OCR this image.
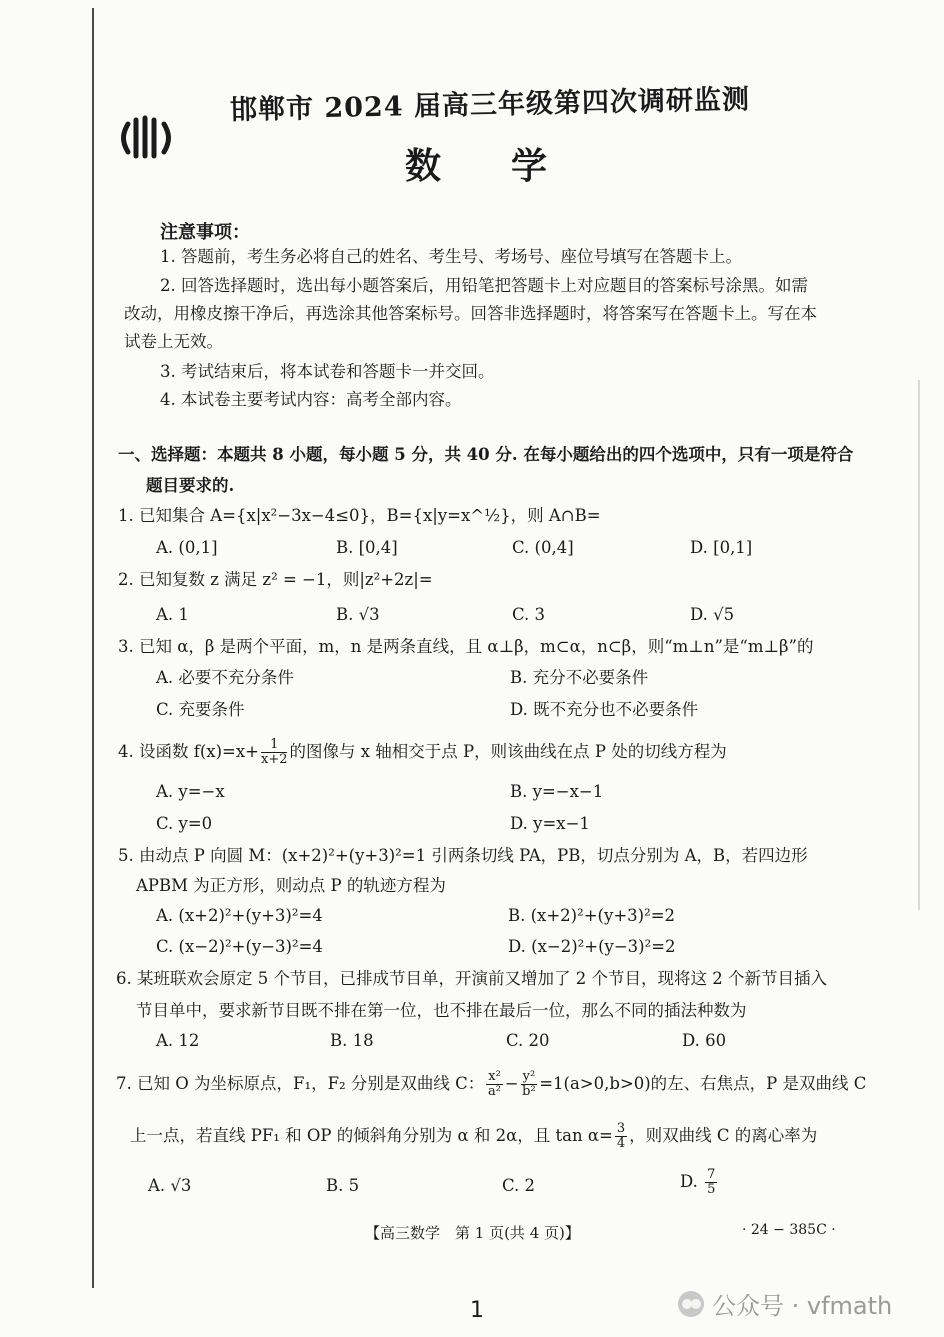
邯郸市 2024 届高三年级第四次调研监测
数学
注意事项：
1. 答题前，考生务必将自己的姓名、考生号、考场号、座位号填写在答题卡上。
2. 回答选择题时，选出每小题答案后，用铅笔把答题卡上对应题目的答案标号涂黑。如需
改动，用橡皮擦干净后，再选涂其他答案标号。回答非选择题时，将答案写在答题卡上。写在本
试卷上无效。
3. 考试结束后，将本试卷和答题卡一并交回。
4. 本试卷主要考试内容：高考全部内容。
一、选择题：本题共 8 小题，每小题 5 分，共 40 分. 在每小题给出的四个选项中，只有一项是符合
题目要求的.
1. 已知集合 A={x|x²−3x−4≤0}，B={x|y=x^½}，则 A∩B=
A. (0,1]	B. [0,4]	C. (0,4]	D. [0,1]
2. 已知复数 z 满足 z² = −1，则|z²+2z|=
A. 1	B. √3	C. 3	D. √5
3. 已知 α，β 是两个平面，m，n 是两条直线，且 α⊥β，m⊂α，n⊂β，则“m⊥n”是“m⊥β”的
A. 必要不充分条件	B. 充分不必要条件
C. 充要条件	D. 既不充分也不必要条件
4. 设函数 $f(x)=x+ \frac{1}{x+2}$ 的图像与 x 轴相交于点 P，则该曲线在点 P 处的切线方程为
A. y=−x	B. y=−x−1
C. y=0	D. y=x−1
5. 由动点 P 向圆 M：(x+2)²+(y+3)²=1 引两条切线 PA，PB，切点分别为 A，B，若四边形
APBM 为正方形，则动点 P 的轨迹方程为
A. (x+2)²+(y+3)²=4	B. (x+2)²+(y+3)²=2
C. (x−2)²+(y−3)²=4	D. (x−2)²+(y−3)²=2
6. 某班联欢会原定 5 个节目，已排成节目单，开演前又增加了 2 个节目，现将这 2 个新节目插入
节目单中，要求新节目既不排在第一位，也不排在最后一位，那么不同的插法种数为
A. 12	B. 18	C. 20	D. 60
7. 已知 O 为坐标原点，F₁，F₂ 分别是双曲线 C： $\frac{\text{x²}}{\text{a²}} - \frac{\text{y²}}{\text{b²}} =1(a>0,b>0)$的左、右焦点，P 是双曲线 C
上一点，若直线 PF₁ 和 OP 的倾斜角分别为 α 和 2α，且 $\tan \alpha= \frac{3}{4}$ ，则双曲线 C 的离心率为
A. √3	B. 5	C. 2	D. $\frac{7}{5}$
【高三数学　第 1 页(共 4 页)】	· 24 − 385C ·
1	公众号 · vfmath
